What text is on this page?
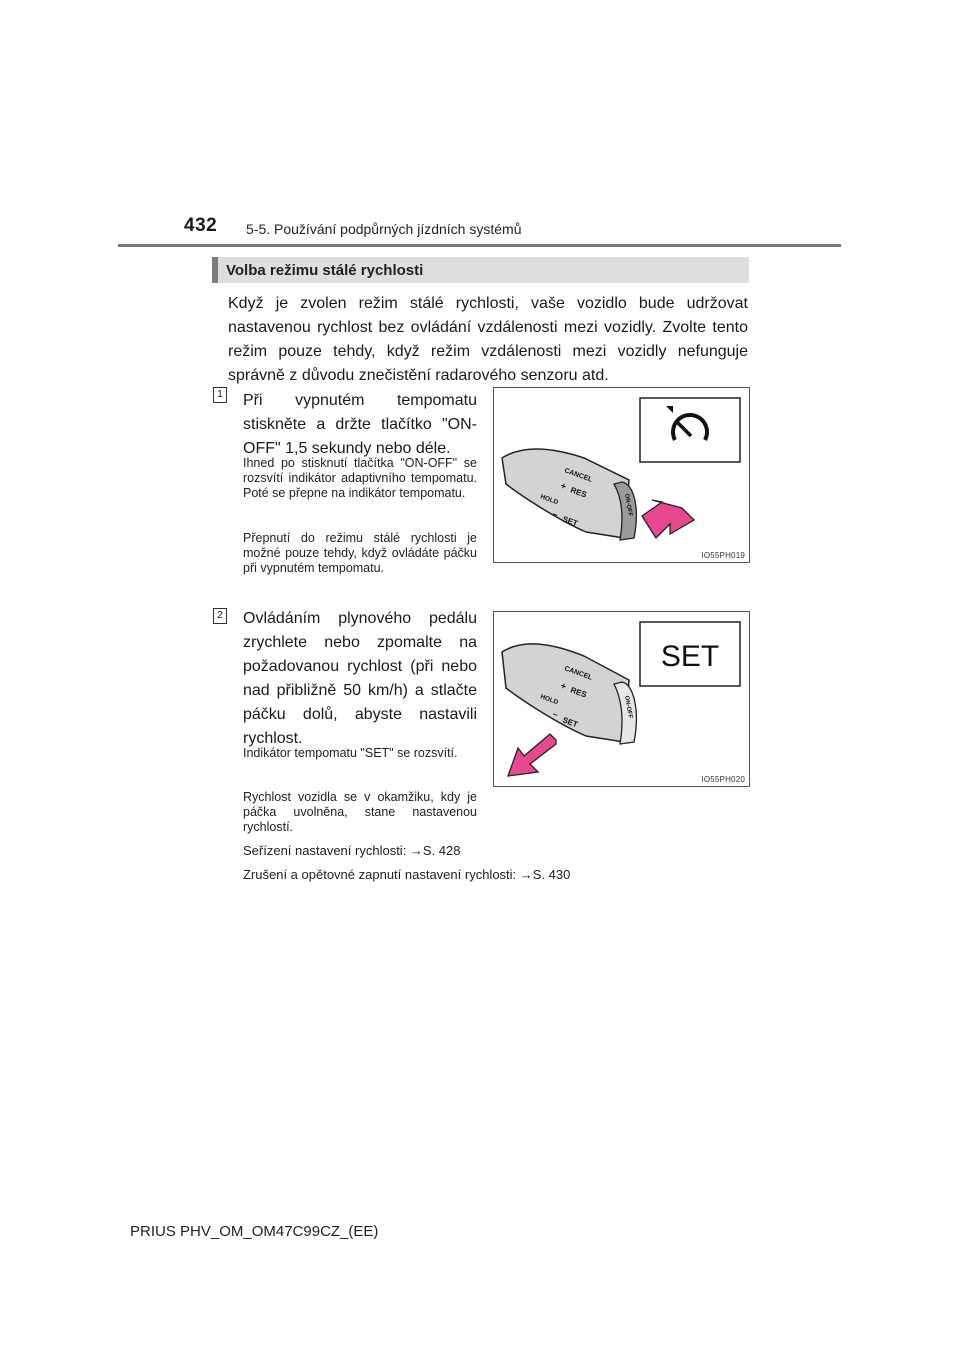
432 5-5. Používání podpůrných jízdních systémů
Volba režimu stálé rychlosti
Když je zvolen režim stálé rychlosti, vaše vozidlo bude udržovat nastavenou rychlost bez ovládání vzdálenosti mezi vozidly. Zvolte tento režim pouze tehdy, když režim vzdálenosti mezi vozidly nefunguje správně z důvodu znečistění radarového senzoru atd.
1 Při vypnutém tempomatu stiskněte a držte tlačítko "ON-OFF" 1,5 sekundy nebo déle.
Ihned po stisknutí tlačítka "ON-OFF" se rozsvítí indikátor adaptivního tempomatu. Poté se přepne na indikátor tempomatu.
Přepnutí do režimu stálé rychlosti je možné pouze tehdy, když ovládáte páčku při vypnutém tempomatu.
CANCEL
+ RES
HOLD
–
SET
ON-OFF
IO55PH019
2 Ovládáním plynového pedálu zrychlete nebo zpomalte na požadovanou rychlost (při nebo nad přibližně 50 km/h) a stlačte páčku dolů, abyste nastavili rychlost.
Indikátor tempomatu "SET" se rozsvítí.
Rychlost vozidla se v okamžiku, kdy je páčka uvolněna, stane nastavenou rychlostí.
SET
CANCEL
+ RES
HOLD
–
SET
ON-OFF
IO55PH020
Seřízení nastavení rychlosti: →S. 428
Zrušení a opětovné zapnutí nastavení rychlosti: →S. 430
PRIUS PHV_OM_OM47C99CZ_(EE)
